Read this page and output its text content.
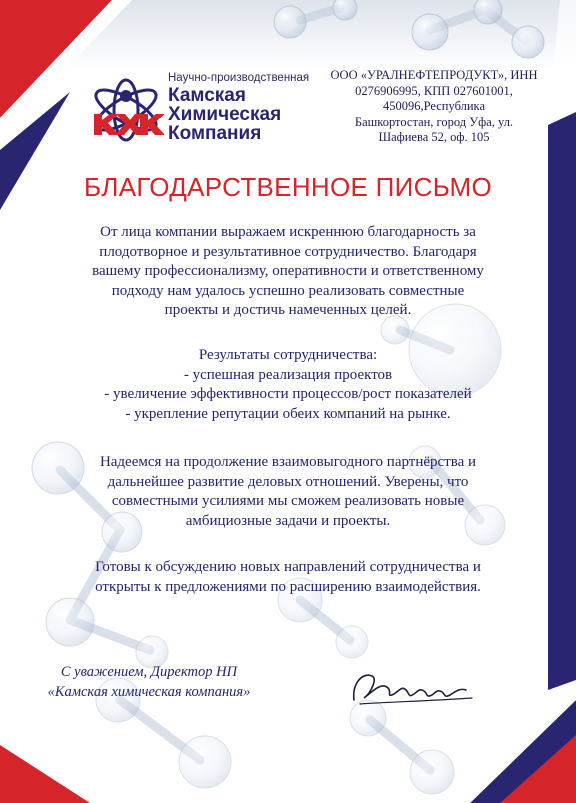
Научно-производственная
Камская
Химическая
Компания
ООО «УРАЛНЕФТЕПРОДУКТ», ИНН
0276906995, КПП 027601001,
450096,Республика
Башкортостан, город Уфа, ул.
Шафиева 52, оф. 105
БЛАГОДАРСТВЕННОЕ ПИСЬМО
От лица компании выражаем искреннюю благодарность за
плодотворное и результативное сотрудничество. Благодаря
вашему профессионализму, оперативности и ответственному
подходу нам удалось успешно реализовать совместные
проекты и достичь намеченных целей.
Результаты сотрудничества:
- успешная реализация проектов
- увеличение эффективности процессов/рост показателей
- укрепление репутации обеих компаний на рынке.
Надеемся на продолжение взаимовыгодного партнёрства и
дальнейшее развитие деловых отношений. Уверены, что
совместными усилиями мы сможем реализовать новые
амбициозные задачи и проекты.
Готовы к обсуждению новых направлений сотрудничества и
открыты к предложениями по расширению взаимодействия.
С уважением, Директор НП
«Камская химическая компания»
